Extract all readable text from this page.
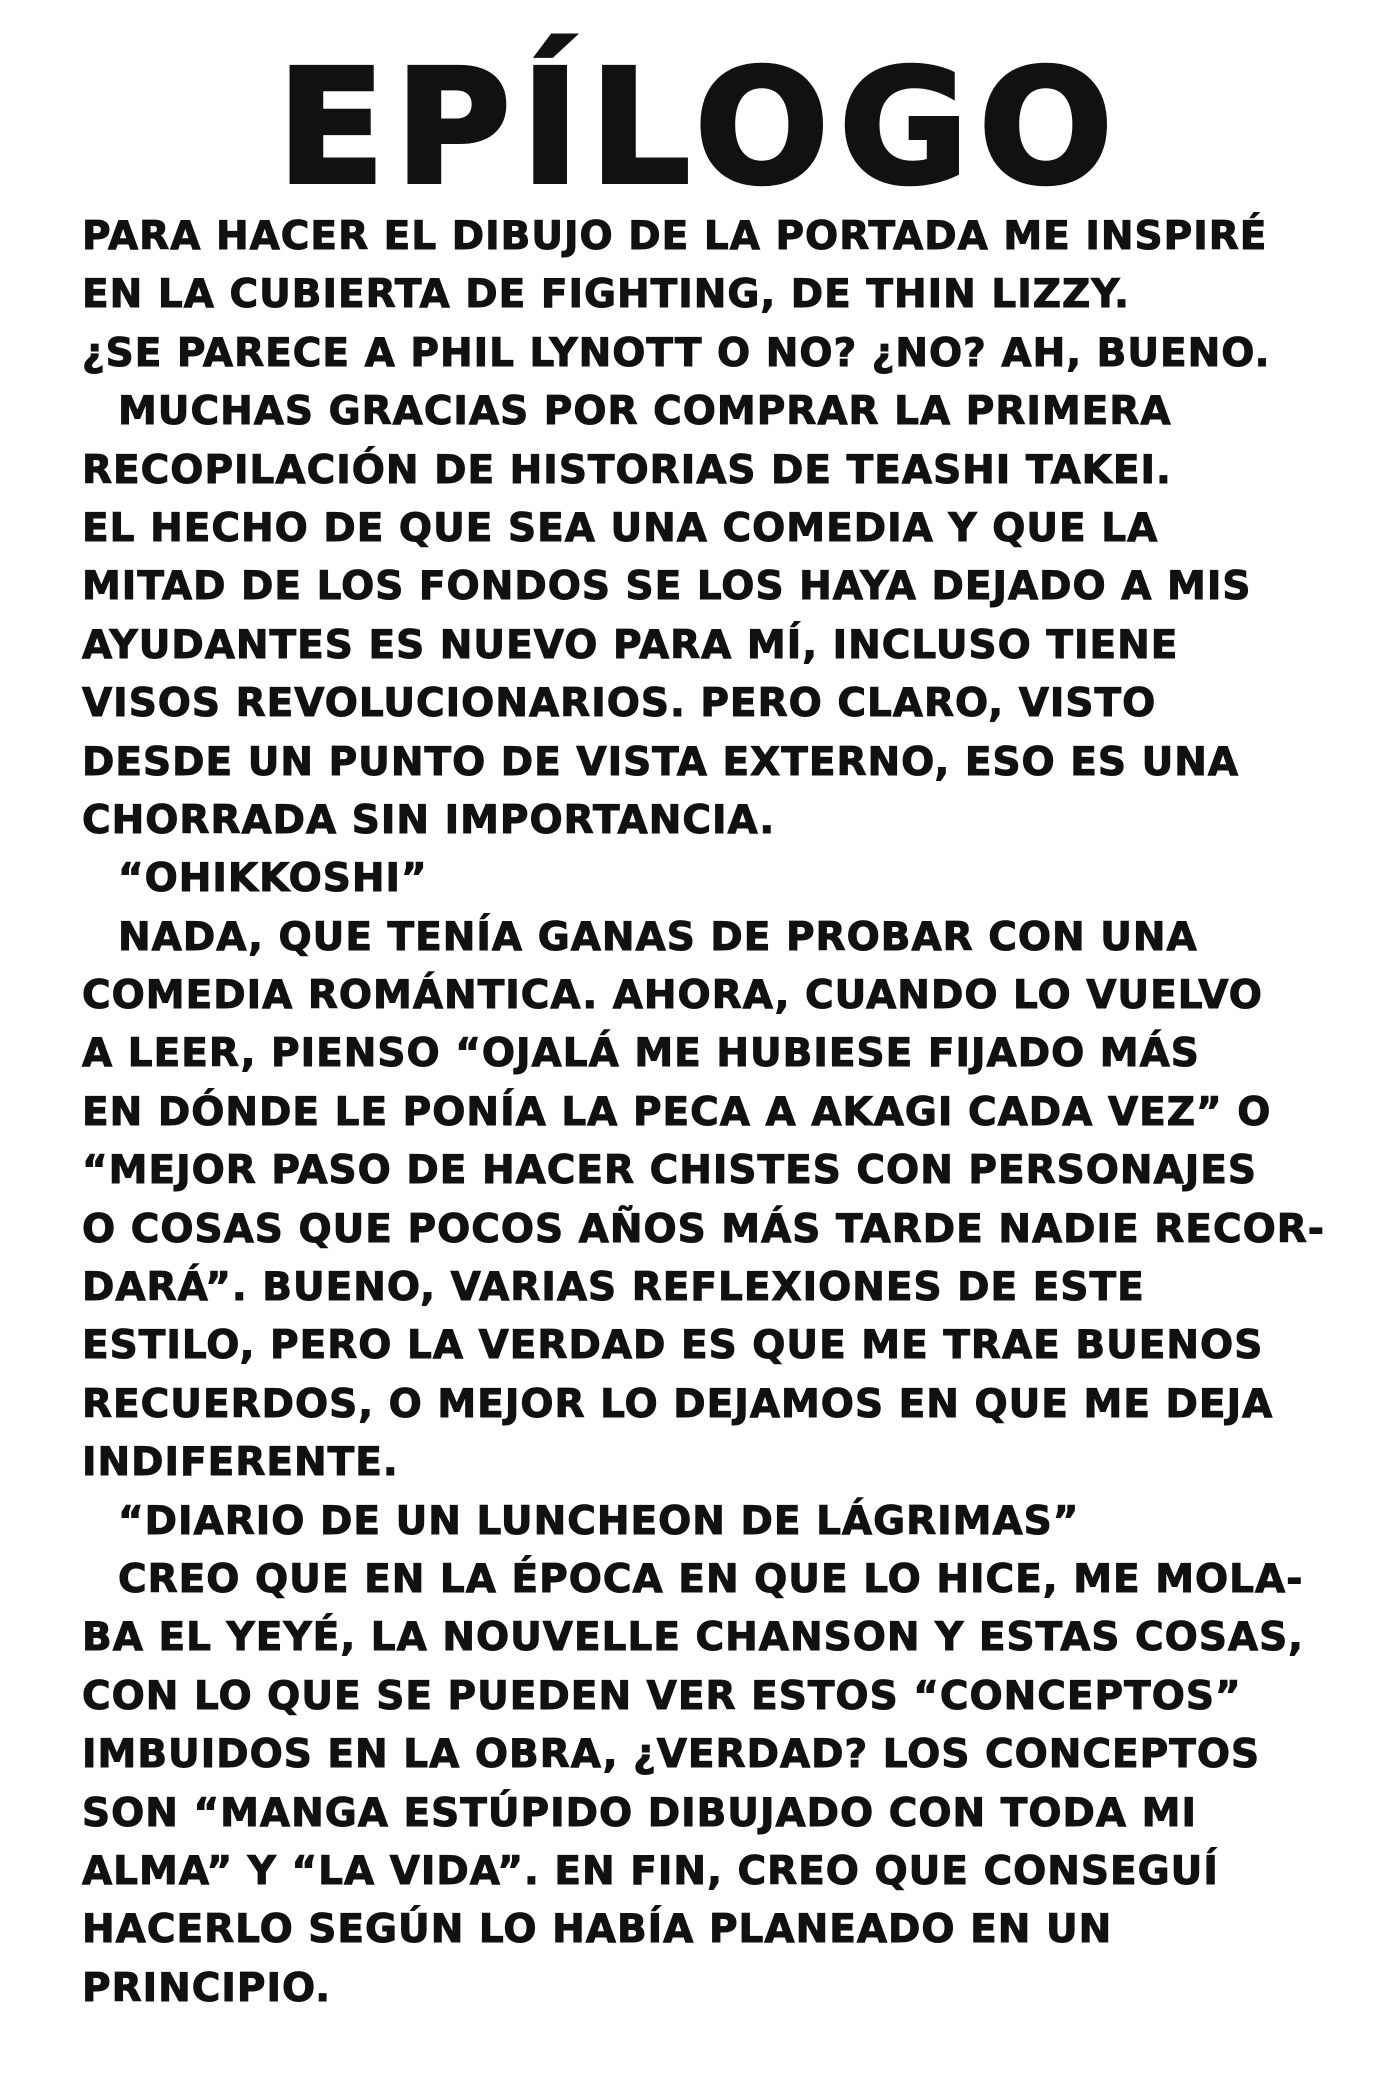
EPÍLOGO
PARA HACER EL DIBUJO DE LA PORTADA ME INSPIRÉ
EN LA CUBIERTA DE FIGHTING, DE THIN LIZZY.
¿SE PARECE A PHIL LYNOTT O NO? ¿NO? AH, BUENO.
MUCHAS GRACIAS POR COMPRAR LA PRIMERA
RECOPILACIÓN DE HISTORIAS DE TEASHI TAKEI.
EL HECHO DE QUE SEA UNA COMEDIA Y QUE LA
MITAD DE LOS FONDOS SE LOS HAYA DEJADO A MIS
AYUDANTES ES NUEVO PARA MÍ, INCLUSO TIENE
VISOS REVOLUCIONARIOS. PERO CLARO, VISTO
DESDE UN PUNTO DE VISTA EXTERNO, ESO ES UNA
CHORRADA SIN IMPORTANCIA.
“OHIKKOSHI”
NADA, QUE TENÍA GANAS DE PROBAR CON UNA
COMEDIA ROMÁNTICA. AHORA, CUANDO LO VUELVO
A LEER, PIENSO “OJALÁ ME HUBIESE FIJADO MÁS
EN DÓNDE LE PONÍA LA PECA A AKAGI CADA VEZ” O
“MEJOR PASO DE HACER CHISTES CON PERSONAJES
O COSAS QUE POCOS AÑOS MÁS TARDE NADIE RECOR-
DARÁ”. BUENO, VARIAS REFLEXIONES DE ESTE
ESTILO, PERO LA VERDAD ES QUE ME TRAE BUENOS
RECUERDOS, O MEJOR LO DEJAMOS EN QUE ME DEJA
INDIFERENTE.
“DIARIO DE UN LUNCHEON DE LÁGRIMAS”
CREO QUE EN LA ÉPOCA EN QUE LO HICE, ME MOLA-
BA EL YEYÉ, LA NOUVELLE CHANSON Y ESTAS COSAS,
CON LO QUE SE PUEDEN VER ESTOS “CONCEPTOS”
IMBUIDOS EN LA OBRA, ¿VERDAD? LOS CONCEPTOS
SON “MANGA ESTÚPIDO DIBUJADO CON TODA MI
ALMA” Y “LA VIDA”. EN FIN, CREO QUE CONSEGUÍ
HACERLO SEGÚN LO HABÍA PLANEADO EN UN
PRINCIPIO.
